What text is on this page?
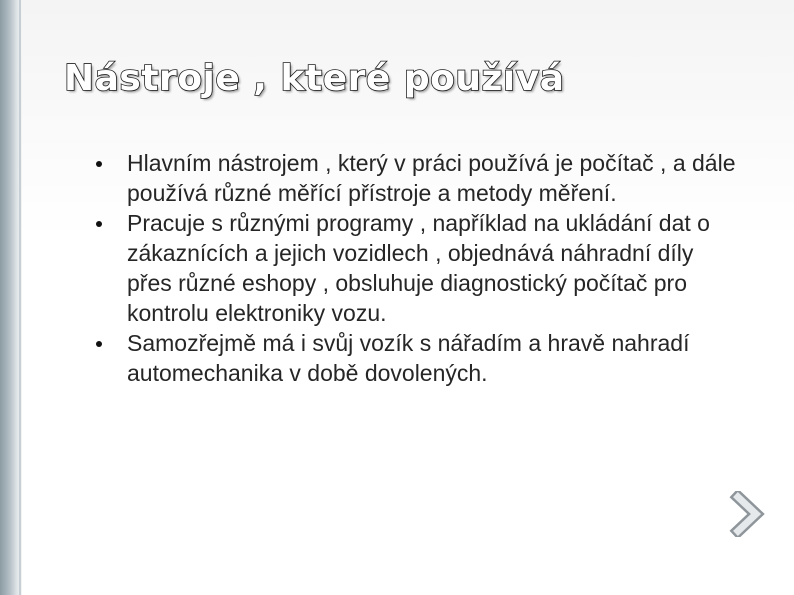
Nástroje , které používá
Hlavním nástrojem , který v práci používá je počítač , a dále používá různé měřící přístroje a metody měření.
Pracuje s různými programy , například na ukládání dat o zákaznících a jejich vozidlech , objednává náhradní díly přes různé eshopy , obsluhuje diagnostický počítač pro kontrolu elektroniky vozu.
Samozřejmě má i svůj vozík s nářadím a hravě nahradí automechanika v době dovolených.
